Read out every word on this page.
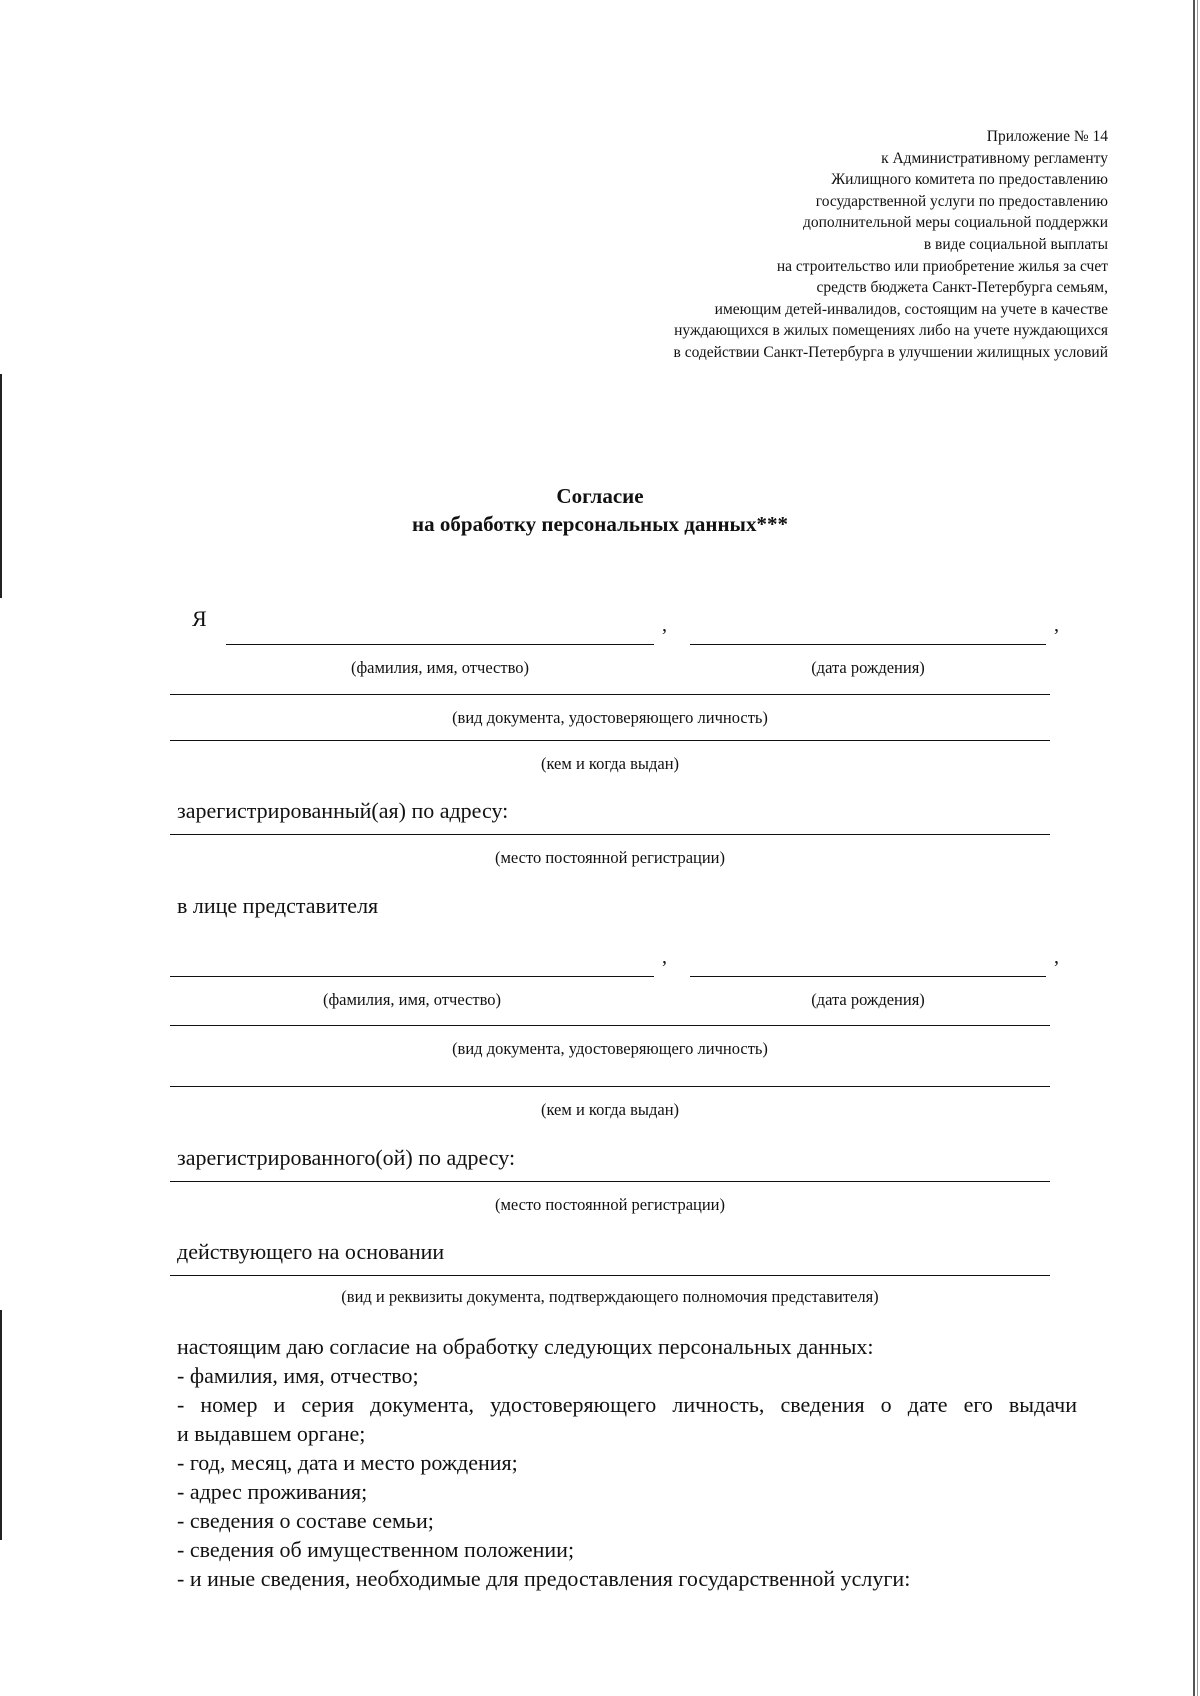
Приложение № 14
к Административному регламенту
Жилищного комитета по предоставлению
государственной услуги по предоставлению
дополнительной меры социальной поддержки
в виде социальной выплаты
на строительство или приобретение жилья за счет
средств бюджета Санкт-Петербурга семьям,
имеющим детей-инвалидов, состоящим на учете в качестве
нуждающихся в жилых помещениях либо на учете нуждающихся
в содействии Санкт-Петербурга в улучшении жилищных условий
Согласие
на обработку персональных данных***
Я	,	,
(фамилия, имя, отчество)	(дата рождения)
(вид документа, удостоверяющего личность)
(кем и когда выдан)
зарегистрированный(ая) по адресу:
(место постоянной регистрации)
в лице представителя
,	,
(фамилия, имя, отчество)	(дата рождения)
(вид документа, удостоверяющего личность)
(кем и когда выдан)
зарегистрированного(ой) по адресу:
(место постоянной регистрации)
действующего на основании
(вид и реквизиты документа, подтверждающего полномочия представителя)
настоящим даю согласие на обработку следующих персональных данных:
- фамилия, имя, отчество;
- номер и серия документа, удостоверяющего личность, сведения о дате его выдачи
и выдавшем органе;
- год, месяц, дата и место рождения;
- адрес проживания;
- сведения о составе семьи;
- сведения об имущественном положении;
- и иные сведения, необходимые для предоставления государственной услуги:
